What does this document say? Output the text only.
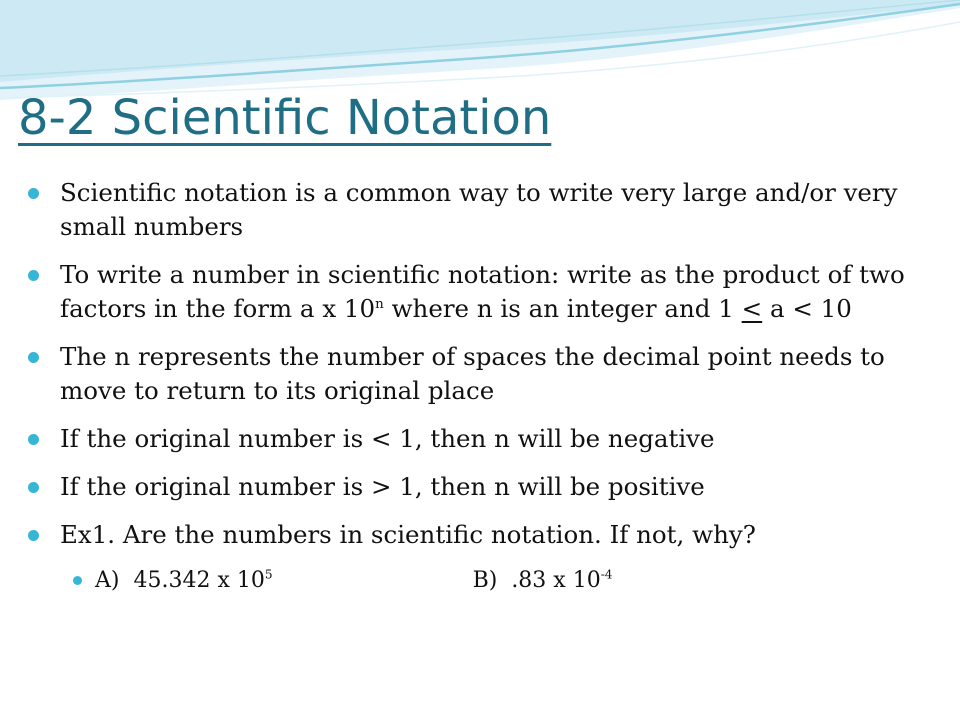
8-2 Scientific Notation
Scientific notation is a common way to write very large and/or very small numbers
To write a number in scientific notation: write as the product of two factors in the form a x 10$^n$ where n is an integer and 1 ≤ a < 10
The n represents the number of spaces the decimal point needs to move to return to its original place
If the original number is < 1, then n will be negative
If the original number is > 1, then n will be positive
Ex1. Are the numbers in scientific notation. If not, why?
A) 45.342 x $10^5$	B) .83 x $10^{-4}$
